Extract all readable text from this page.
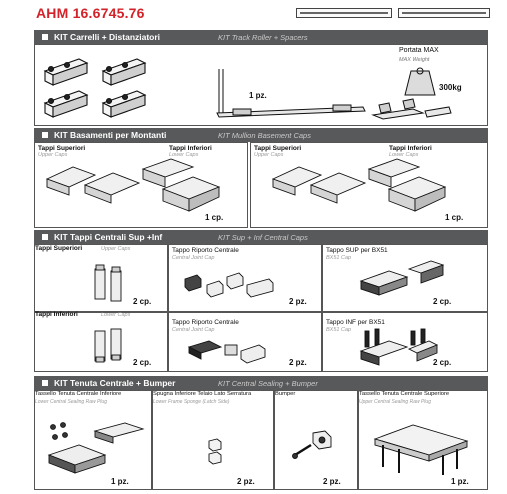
AHM 16.6745.76
KIT Carrelli + Distanziatori	KIT Track Roller + Spacers
1 pz.
Portata MAX
MAX Weight
300kg
KIT Basamenti per Montanti	KIT Mullion Basement Caps
Tappi Superiori
Upper Caps
Tappi Inferiori
Lower Caps
1 cp.
Tappi Superiori
Upper Caps
Tappi Inferiori
Lower Caps
1 cp.
KIT Tappi Centrali Sup +Inf	KIT Sup + Inf Central Caps
Tappi Superiori	Upper Caps
2 cp.
Tappo Riporto Centrale
Central Joint Cap
2 pz.
Tappo SUP per BX51
BX51 Cap
2 cp.
Tappi Inferiori	Lower Caps
2 cp.
Tappo Riporto Centrale
Central Joint Cap
2 pz.
Tappo INF per BX51
BX51 Cap
2 cp.
KIT Tenuta Centrale + Bumper	KIT Central Sealing + Bumper
Tassello Tenuta Centrale Inferiore
Lower Central Sealing Raw Plug
1 pz.
Spugna Inferiore Telaio Lato Serratura
Lower Frame Sponge (Latch Side)
2 pz.
Bumper
2 pz.
Tassello Tenuta Centrale Superiore
Upper Central Sealing Raw Plug
1 pz.
